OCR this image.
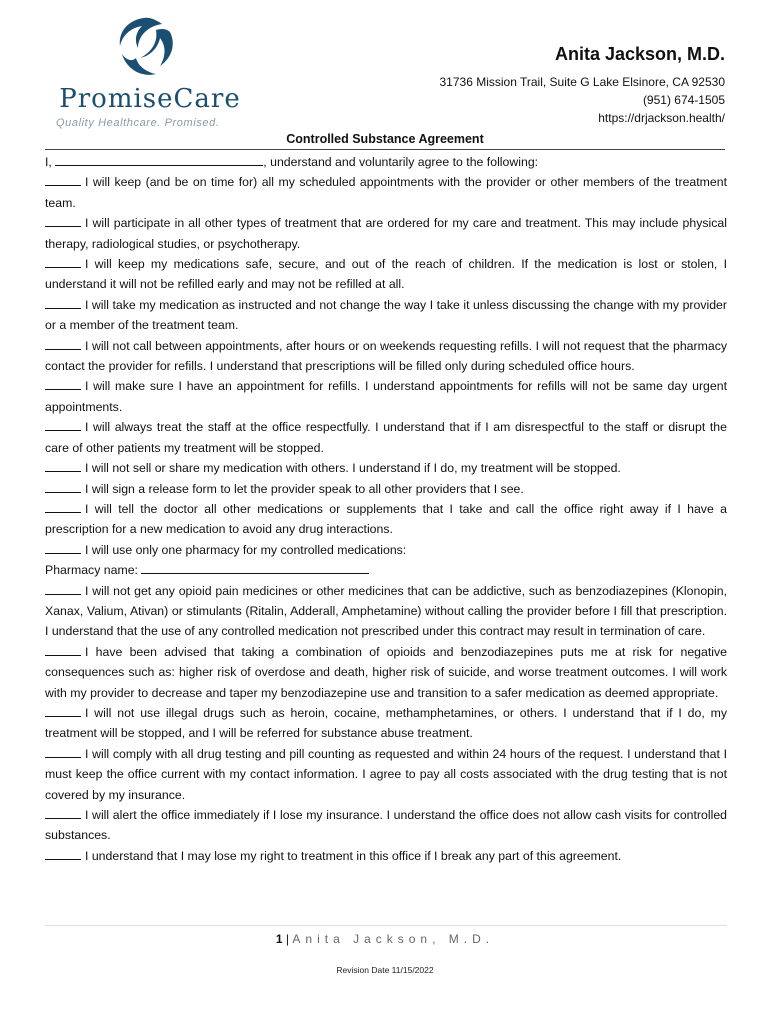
PromiseCare
Quality Healthcare. Promised.
Anita Jackson, M.D.
31736 Mission Trail, Suite G Lake Elsinore, CA 92530
(951) 674-1505
https://drjackson.health/
Controlled Substance Agreement

I,	, understand and voluntarily agree to the following:

I will keep (and be on time for) all my scheduled appointments with the provider or other members of the treatment team.

I will participate in all other types of treatment that are ordered for my care and treatment. This may include physical therapy, radiological studies, or psychotherapy.

I will keep my medications safe, secure, and out of the reach of children. If the medication is lost or stolen, I understand it will not be refilled early and may not be refilled at all.

I will take my medication as instructed and not change the way I take it unless discussing the change with my provider or a member of the treatment team.

I will not call between appointments, after hours or on weekends requesting refills. I will not request that the pharmacy contact the provider for refills. I understand that prescriptions will be filled only during scheduled office hours.

I will make sure I have an appointment for refills. I understand appointments for refills will not be same day urgent appointments.

I will always treat the staff at the office respectfully. I understand that if I am disrespectful to the staff or disrupt the care of other patients my treatment will be stopped.

I will not sell or share my medication with others. I understand if I do, my treatment will be stopped.

I will sign a release form to let the provider speak to all other providers that I see.

I will tell the doctor all other medications or supplements that I take and call the office right away if I have a prescription for a new medication to avoid any drug interactions.

I will use only one pharmacy for my controlled medications:

Pharmacy name:

I will not get any opioid pain medicines or other medicines that can be addictive, such as benzodiazepines (Klonopin, Xanax, Valium, Ativan) or stimulants (Ritalin, Adderall, Amphetamine) without calling the provider before I fill that prescription. I understand that the use of any controlled medication not prescribed under this contract may result in termination of care.

I have been advised that taking a combination of opioids and benzodiazepines puts me at risk for negative consequences such as: higher risk of overdose and death, higher risk of suicide, and worse treatment outcomes. I will work with my provider to decrease and taper my benzodiazepine use and transition to a safer medication as deemed appropriate.

I will not use illegal drugs such as heroin, cocaine, methamphetamines, or others. I understand that if I do, my treatment will be stopped, and I will be referred for substance abuse treatment.

I will comply with all drug testing and pill counting as requested and within 24 hours of the request. I understand that I must keep the office current with my contact information. I agree to pay all costs associated with the drug testing that is not covered by my insurance.

I will alert the office immediately if I lose my insurance. I understand the office does not allow cash visits for controlled substances.

I understand that I may lose my right to treatment in this office if I break any part of this agreement.

1 | Anita Jackson, M.D.
Revision Date 11/15/2022
